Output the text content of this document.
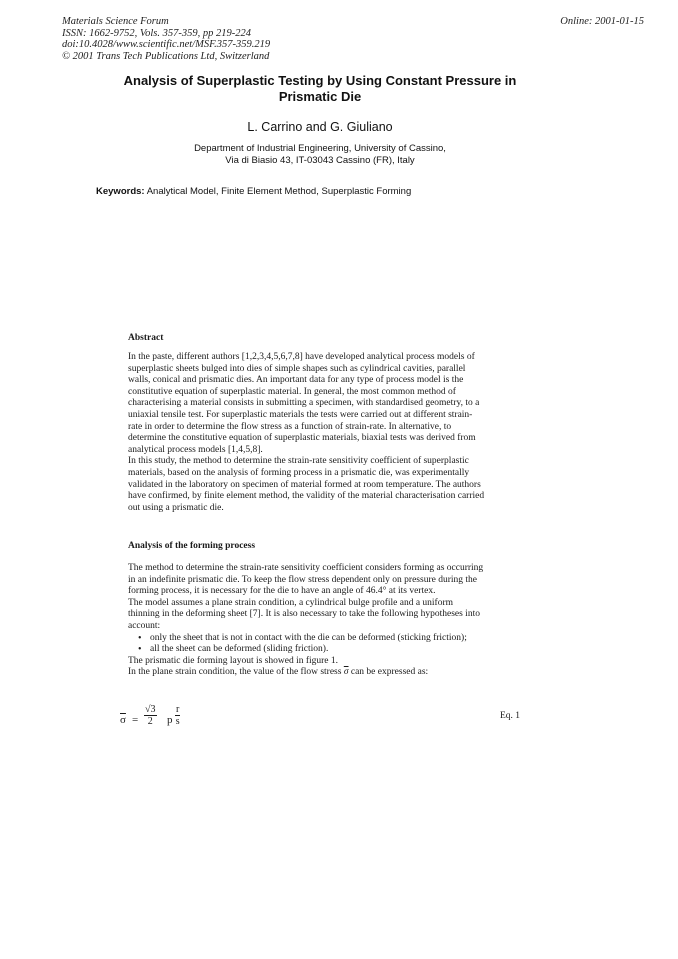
Materials Science Forum
ISSN: 1662-9752, Vols. 357-359, pp 219-224
doi:10.4028/www.scientific.net/MSF.357-359.219
© 2001 Trans Tech Publications Ltd, Switzerland
Online: 2001-01-15
Analysis of Superplastic Testing by Using Constant Pressure in
Prismatic Die
L. Carrino and G. Giuliano
Department of Industrial Engineering, University of Cassino,
Via di Biasio 43, IT-03043 Cassino (FR), Italy
Keywords: Analytical Model, Finite Element Method, Superplastic Forming
Abstract
In the paste, different authors [1,2,3,4,5,6,7,8] have developed analytical process models of
superplastic sheets bulged into dies of simple shapes such as cylindrical cavities, parallel
walls, conical and prismatic dies. An important data for any type of process model is the
constitutive equation of superplastic material. In general, the most common method of
characterising a material consists in submitting a specimen, with standardised geometry, to a
uniaxial tensile test. For superplastic materials the tests were carried out at different strain-
rate in order to determine the flow stress as a function of strain-rate. In alternative, to
determine the constitutive equation of superplastic materials, biaxial tests was derived from
analytical process models [1,4,5,8].
In this study, the method to determine the strain-rate sensitivity coefficient of superplastic
materials, based on the analysis of forming process in a prismatic die, was experimentally
validated in the laboratory on specimen of material formed at room temperature. The authors
have confirmed, by finite element method, the validity of the material characterisation carried
out using a prismatic die.
Analysis of the forming process
The method to determine the strain-rate sensitivity coefficient considers forming as occurring
in an indefinite prismatic die. To keep the flow stress dependent only on pressure during the
forming process, it is necessary for the die to have an angle of 46.4° at its vertex.
The model assumes a plane strain condition, a cylindrical bulge profile and a uniform
thinning in the deforming sheet [7]. It is also necessary to take the following hypotheses into
account:
• only the sheet that is not in contact with the die can be deformed (sticking friction);
• all the sheet can be deformed (sliding friction).
The prismatic die forming layout is showed in figure 1.
In the plane strain condition, the value of the flow stress $\overline{\sigma}$ can be expressed as:
$\overline{\sigma} = \frac{√3}{2}$ p $\frac{r}{s}$	Eq. 1
